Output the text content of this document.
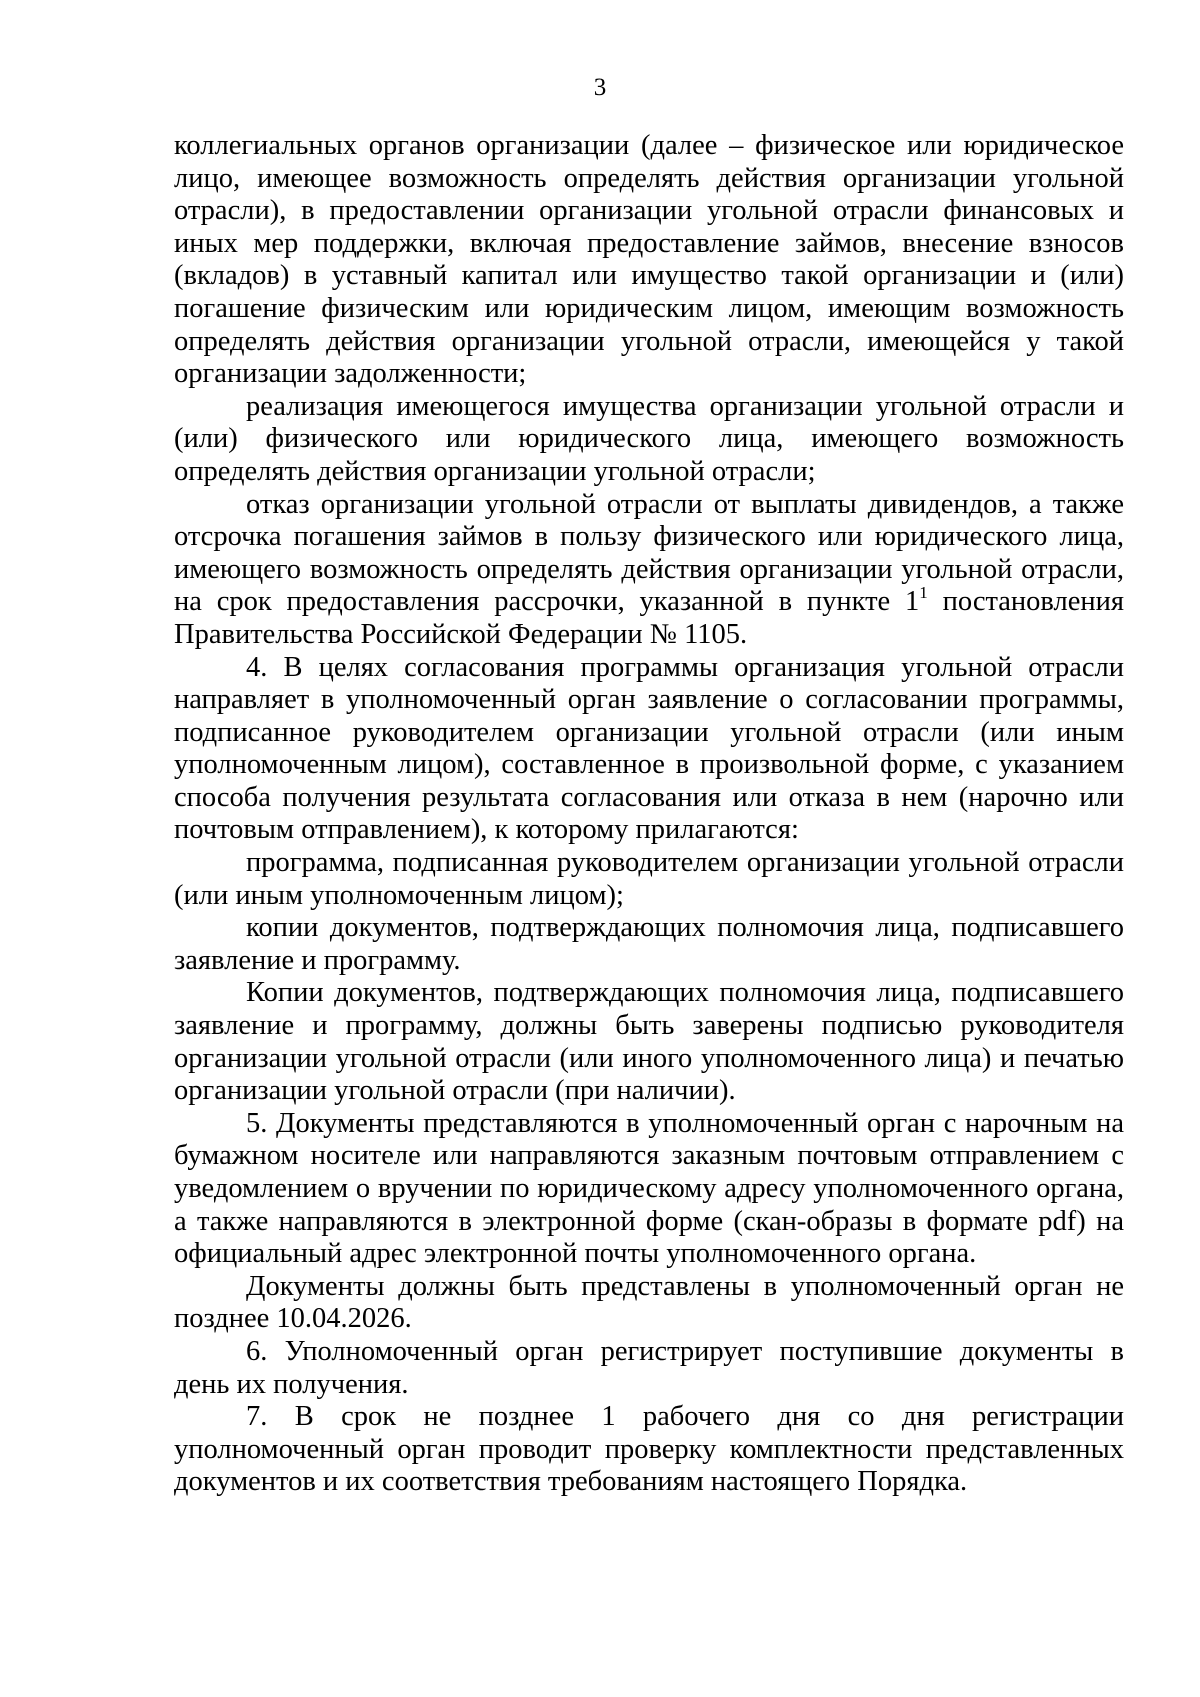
3

коллегиальных органов организации (далее – физическое или юридическое лицо, имеющее возможность определять действия организации угольной отрасли), в предоставлении организации угольной отрасли финансовых и иных мер поддержки, включая предоставление займов, внесение взносов (вкладов) в уставный капитал или имущество такой организации и (или) погашение физическим или юридическим лицом, имеющим возможность определять действия организации угольной отрасли, имеющейся у такой организации задолженности;

реализация имеющегося имущества организации угольной отрасли и (или) физического или юридического лица, имеющего возможность определять действия организации угольной отрасли;

отказ организации угольной отрасли от выплаты дивидендов, а также отсрочка погашения займов в пользу физического или юридического лица, имеющего возможность определять действия организации угольной отрасли, на срок предоставления рассрочки, указанной в пункте $1^1$ постановления Правительства Российской Федерации № 1105.

4. В целях согласования программы организация угольной отрасли направляет в уполномоченный орган заявление о согласовании программы, подписанное руководителем организации угольной отрасли (или иным уполномоченным лицом), составленное в произвольной форме, с указанием способа получения результата согласования или отказа в нем (нарочно или почтовым отправлением), к которому прилагаются:

программа, подписанная руководителем организации угольной отрасли (или иным уполномоченным лицом);

копии документов, подтверждающих полномочия лица, подписавшего заявление и программу.

Копии документов, подтверждающих полномочия лица, подписавшего заявление и программу, должны быть заверены подписью руководителя организации угольной отрасли (или иного уполномоченного лица) и печатью организации угольной отрасли (при наличии).

5. Документы представляются в уполномоченный орган с нарочным на бумажном носителе или направляются заказным почтовым отправлением с уведомлением о вручении по юридическому адресу уполномоченного органа, а также направляются в электронной форме (скан-образы в формате pdf) на официальный адрес электронной почты уполномоченного органа.

Документы должны быть представлены в уполномоченный орган не позднее 10.04.2026.

6. Уполномоченный орган регистрирует поступившие документы в день их получения.

7. В срок не позднее 1 рабочего дня со дня регистрации уполномоченный орган проводит проверку комплектности представленных документов и их соответствия требованиям настоящего Порядка.
